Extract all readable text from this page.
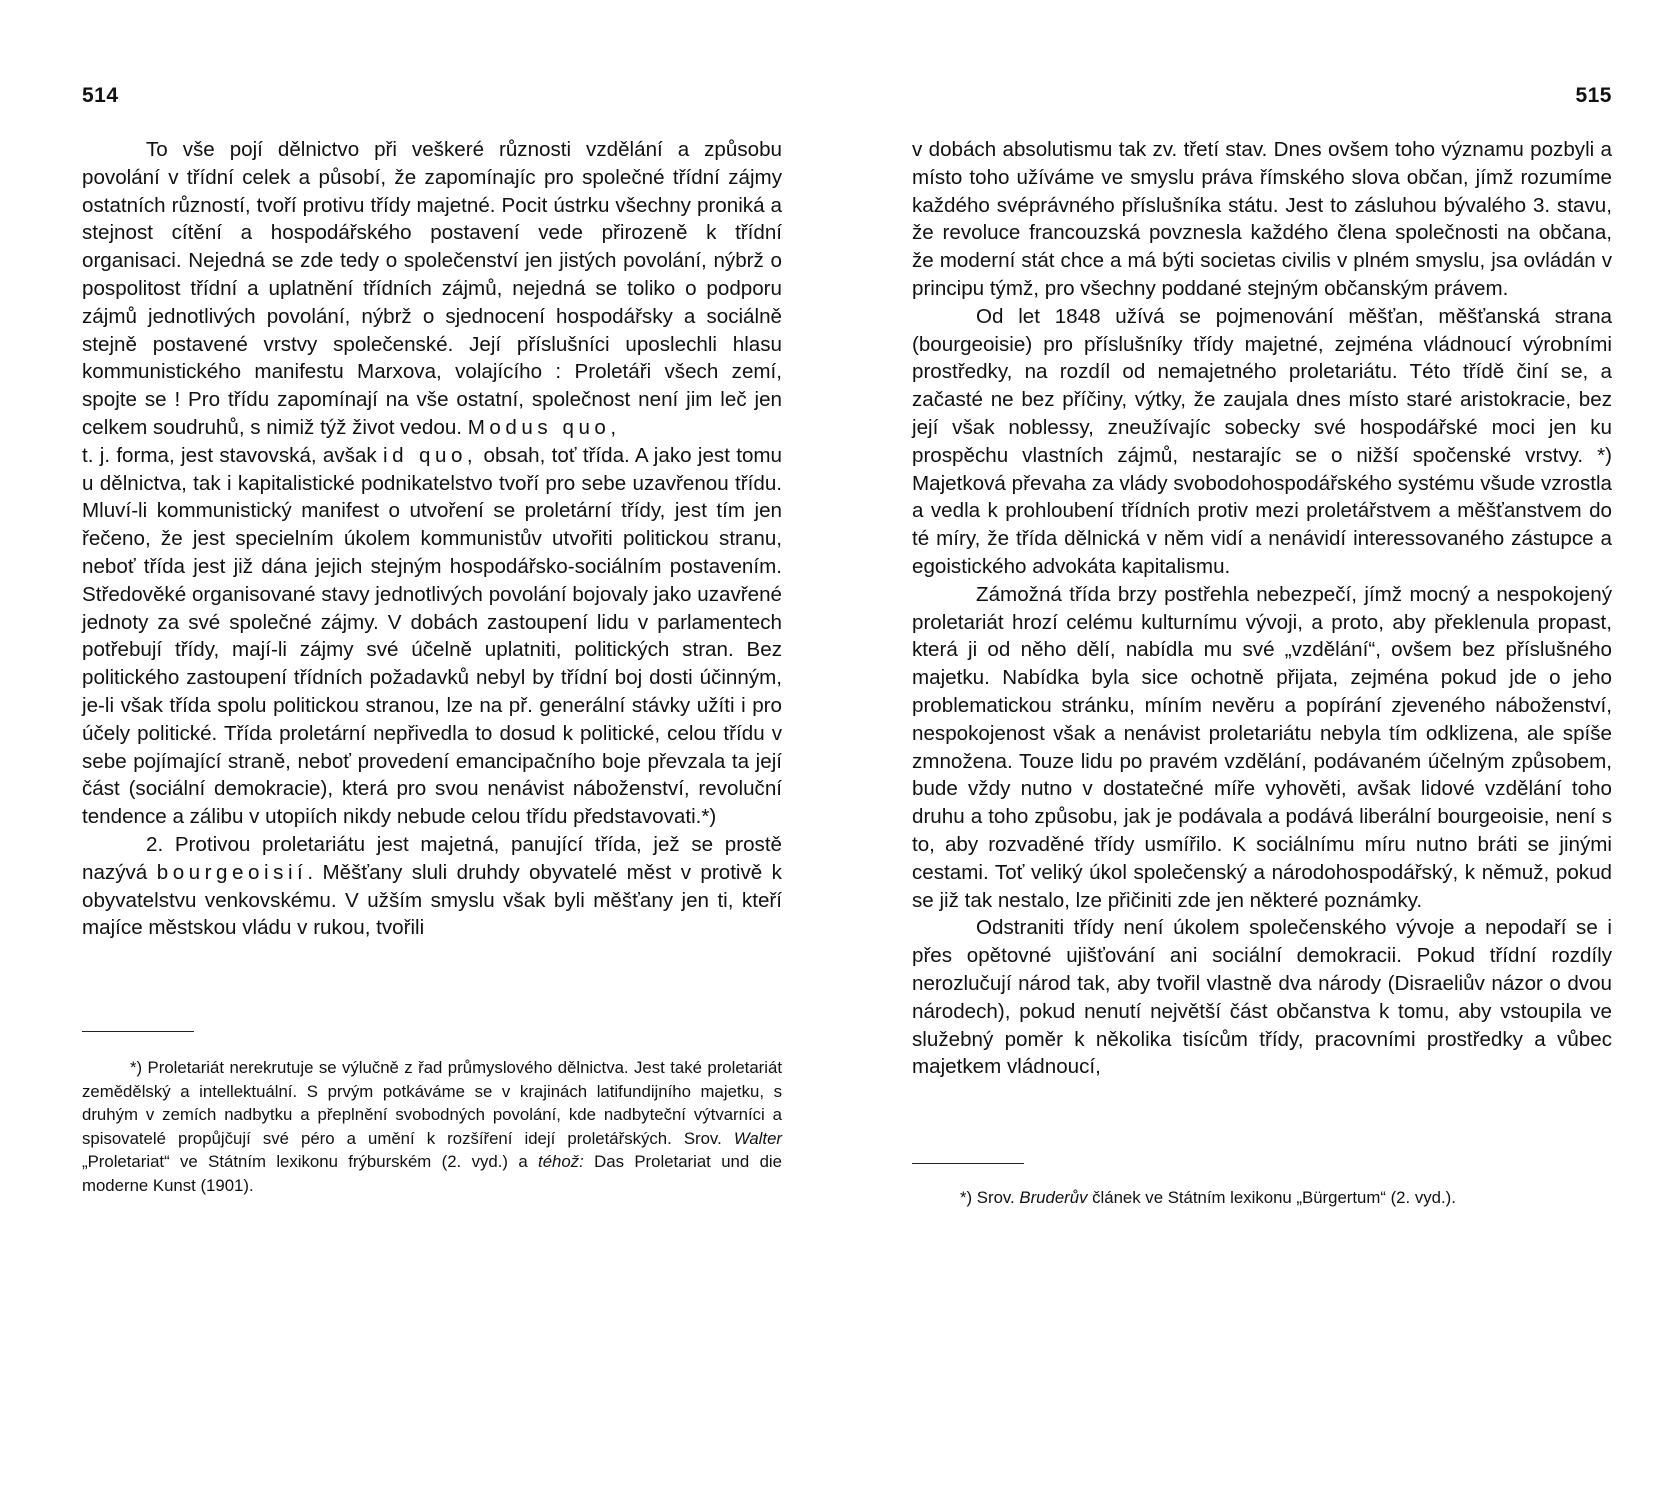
514

To vše pojí dělnictvo při veškeré různosti vzdělání a způsobu povolání v třídní celek a působí, že zapomínajíc pro společné třídní zájmy ostatních růzností, tvoří protivu třídy majetné. Pocit ústrku všechny proniká a stejnost cítění a hospodářského postavení vede přirozeně k třídní organisaci. Nejedná se zde tedy o společenství jen jistých povolání, nýbrž o pospolitost třídní a uplatnění třídních zájmů, nejedná se toliko o podporu zájmů jednotlivých povolání, nýbrž o sjednocení hospodářsky a sociálně stejně postavené vrstvy společenské. Její příslušníci uposlechli hlasu kommunistického manifestu Marxova, volajícího : Proletáři všech zemí, spojte se ! Pro třídu zapomínají na vše ostatní, společnost není jim leč jen celkem soudruhů, s nimiž týž život vedou. Modus quo,

t. j. forma, jest stavovská, avšak id quo, obsah, toť třída. A jako jest tomu u dělnictva, tak i kapitalistické podnikatelstvo tvoří pro sebe uzavřenou třídu. Mluví-li kommunistický manifest o utvoření se proletární třídy, jest tím jen řečeno, že jest specielním úkolem kommunistův utvořiti politickou stranu, neboť třída jest již dána jejich stejným hospodářsko-sociálním postavením. Středověké organisované stavy jednotlivých povolání bojovaly jako uzavřené jednoty za své společné zájmy. V dobách zastoupení lidu v parlamentech potřebují třídy, mají-li zájmy své účelně uplatniti, politických stran. Bez politického zastoupení třídních požadavků nebyl by třídní boj dosti účinným, je-li však třída spolu politickou stranou, lze na př. generální stávky užíti i pro účely politické. Třída proletární nepřivedla to dosud k politické, celou třídu v sebe pojímající straně, neboť provedení emancipačního boje převzala ta její část (sociální demokracie), která pro svou nenávist náboženství, revoluční tendence a zálibu v utopiích nikdy nebude celou třídu představovati.*)

2. Protivou proletariátu jest majetná, panující třída, jež se prostě nazývá bourgeoisií. Měšťany sluli druhdy obyvatelé měst v protivě k obyvatelstvu venkovskému. V užším smyslu však byli měšťany jen ti, kteří majíce městskou vládu v rukou, tvořili

*) Proletariát nerekrutuje se výlučně z řad průmyslového dělnictva. Jest také proletariát zemědělský a intellektuální. S prvým potkáváme se v krajinách latifundijního majetku, s druhým v zemích nadbytku a přeplnění svobodných povolání, kde nadbyteční výtvarníci a spisovatelé propůjčují své péro a umění k rozšíření idejí proletářských. Srov. Walter „Proletariat“ ve Státním lexikonu frýburském (2. vyd.) a téhož: Das Proletariat und die moderne Kunst (1901).

515

v dobách absolutismu tak zv. třetí stav. Dnes ovšem toho významu pozbyli a místo toho užíváme ve smyslu práva římského slova občan, jímž rozumíme každého svéprávného příslušníka státu. Jest to zásluhou bývalého 3. stavu, že revoluce francouzská povznesla každého člena společnosti na občana, že moderní stát chce a má býti societas civilis v plném smyslu, jsa ovládán v principu týmž, pro všechny poddané stejným občanským právem.

Od let 1848 užívá se pojmenování měšťan, měšťanská strana (bourgeoisie) pro příslušníky třídy majetné, zejména vládnoucí výrobními prostředky, na rozdíl od nemajetného proletariátu. Této třídě činí se, a začasté ne bez příčiny, výtky, že zaujala dnes místo staré aristokracie, bez její však noblessy, zneužívajíc sobecky své hospodářské moci jen ku prospěchu vlastních zájmů, nestarajíc se o nižší spočenské vrstvy. *) Majetková převaha za vlády svobodohospodářského systému všude vzrostla a vedla k prohloubení třídních protiv mezi proletářstvem a měšťanstvem do té míry, že třída dělnická v něm vidí a nenávidí interessovaného zástupce a egoistického advokáta kapitalismu.

Zámožná třída brzy postřehla nebezpečí, jímž mocný a nespokojený proletariát hrozí celému kulturnímu vývoji, a proto, aby překlenula propast, která ji od něho dělí, nabídla mu své „vzdělání“, ovšem bez příslušného majetku. Nabídka byla sice ochotně přijata, zejména pokud jde o jeho problematickou stránku, míním nevěru a popírání zjeveného náboženství, nespokojenost však a nenávist proletariátu nebyla tím odklizena, ale spíše zmnožena. Touze lidu po pravém vzdělání, podávaném účelným způsobem, bude vždy nutno v dostatečné míře vyhověti, avšak lidové vzdělání toho druhu a toho způsobu, jak je podávala a podává liberální bourgeoisie, není s to, aby rozvaděné třídy usmířilo. K sociálnímu míru nutno bráti se jinými cestami. Toť veliký úkol společenský a národohospodářský, k němuž, pokud se již tak nestalo, lze přičiniti zde jen některé poznámky.

Odstraniti třídy není úkolem společenského vývoje a nepodaří se i přes opětovné ujišťování ani sociální demokracii. Pokud třídní rozdíly nerozlučují národ tak, aby tvořil vlastně dva národy (Disraeliův názor o dvou národech), pokud nenutí největší část občanstva k tomu, aby vstoupila ve služebný poměr k několika tisícům třídy, pracovními prostředky a vůbec majetkem vládnoucí,

*) Srov. Bruderův článek ve Státním lexikonu „Bürgertum“ (2. vyd.).
